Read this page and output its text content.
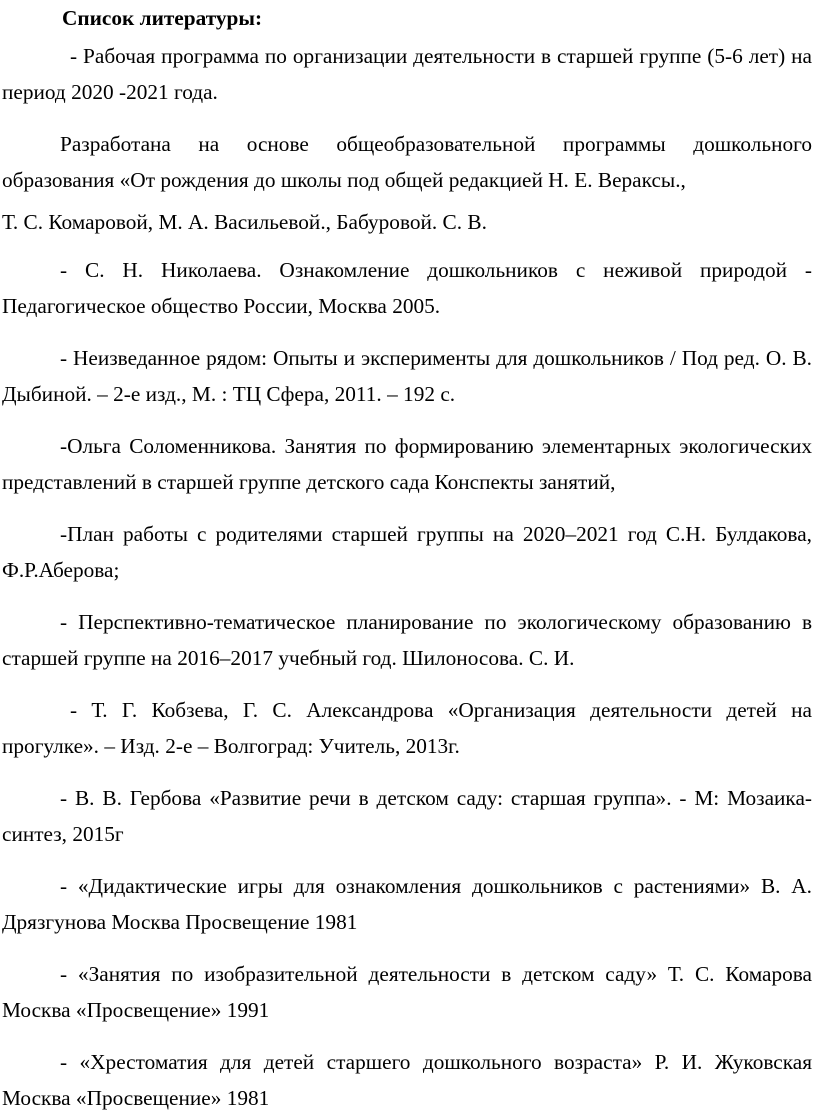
Список литературы:

- Рабочая программа по организации деятельности в старшей группе (5-6 лет) на период 2020 -2021 года.

Разработана на основе общеобразовательной программы дошкольного образования «От рождения до школы под общей редакцией Н. Е. Вераксы.,

Т. С. Комаровой, М. А. Васильевой., Бабуровой. С. В.

- С. Н. Николаева. Ознакомление дошкольников с неживой природой - Педагогическое общество России, Москва 2005.

- Неизведанное рядом: Опыты и эксперименты для дошкольников / Под ред. О. В. Дыбиной. – 2-е изд., М. : ТЦ Сфера, 2011. – 192 с.

-Ольга Соломенникова. Занятия по формированию элементарных экологических представлений в старшей группе детского сада Конспекты занятий,

-План работы с родителями старшей группы на 2020–2021 год С.Н. Булдакова, Ф.Р.Аберова;

- Перспективно-тематическое планирование по экологическому образованию в старшей группе на 2016–2017 учебный год. Шилоносова. С. И.

- Т. Г. Кобзева, Г. С. Александрова «Организация деятельности детей на прогулке». – Изд. 2-е – Волгоград: Учитель, 2013г.

- В. В. Гербова «Развитие речи в детском саду: старшая группа». - М: Мозаика- синтез, 2015г

- «Дидактические игры для ознакомления дошкольников с растениями» В. А. Дрязгунова Москва Просвещение 1981

- «Занятия по изобразительной деятельности в детском саду» Т. С. Комарова Москва «Просвещение» 1991

- «Хрестоматия для детей старшего дошкольного возраста» Р. И. Жуковская Москва «Просвещение» 1981
